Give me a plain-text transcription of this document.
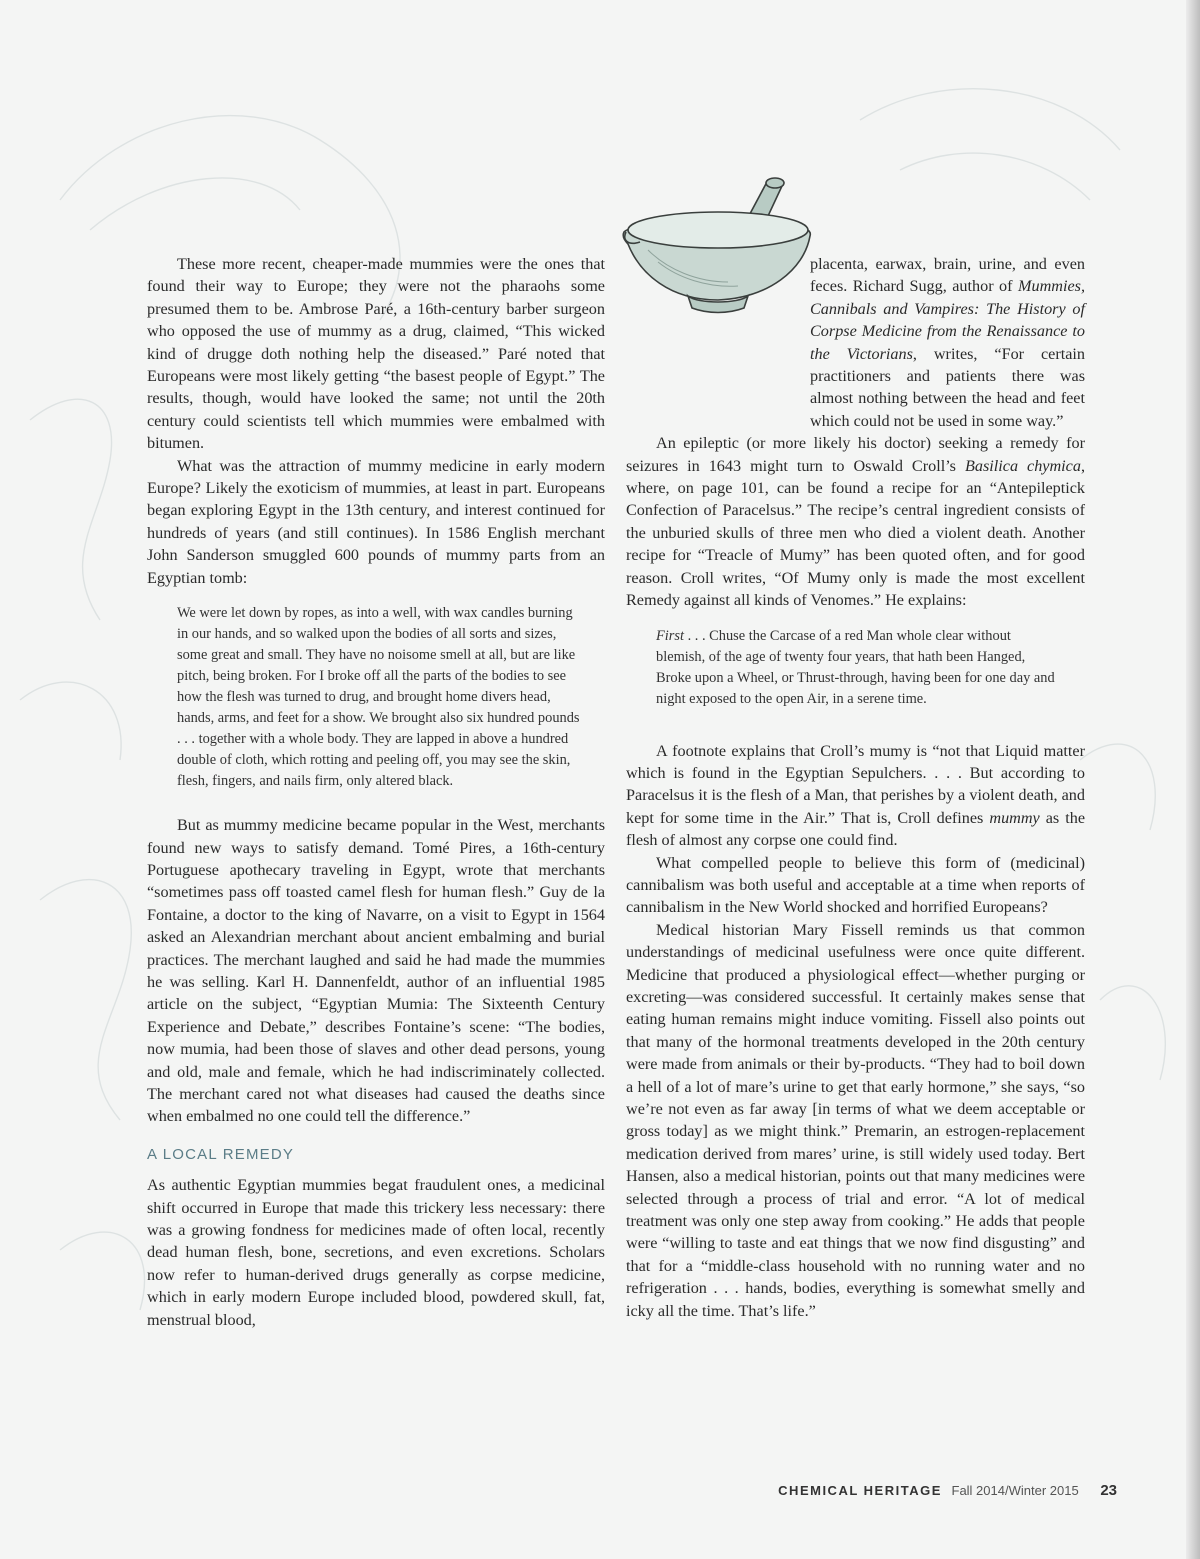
These more recent, cheaper-made mummies were the ones that found their way to Europe; they were not the pharaohs some presumed them to be. Ambrose Paré, a 16th-century barber surgeon who opposed the use of mummy as a drug, claimed, “This wicked kind of drugge doth nothing help the diseased.” Paré noted that Europeans were most likely getting “the basest people of Egypt.” The results, though, would have looked the same; not until the 20th century could scientists tell which mummies were embalmed with bitumen.

What was the attraction of mummy medicine in early modern Europe? Likely the exoticism of mummies, at least in part. Europeans began exploring Egypt in the 13th century, and interest continued for hundreds of years (and still continues). In 1586 English merchant John Sanderson smuggled 600 pounds of mummy parts from an Egyptian tomb:

We were let down by ropes, as into a well, with wax candles burning in our hands, and so walked upon the bodies of all sorts and sizes, some great and small. They have no noisome smell at all, but are like pitch, being broken. For I broke off all the parts of the bodies to see how the flesh was turned to drug, and brought home divers head, hands, arms, and feet for a show. We brought also six hundred pounds . . . together with a whole body. They are lapped in above a hundred double of cloth, which rotting and peeling off, you may see the skin, flesh, fingers, and nails firm, only altered black.

But as mummy medicine became popular in the West, merchants found new ways to satisfy demand. Tomé Pires, a 16th-century Portuguese apothecary traveling in Egypt, wrote that merchants “sometimes pass off toasted camel flesh for human flesh.” Guy de la Fontaine, a doctor to the king of Navarre, on a visit to Egypt in 1564 asked an Alexandrian merchant about ancient embalming and burial practices. The merchant laughed and said he had made the mummies he was selling. Karl H. Dannenfeldt, author of an influential 1985 article on the subject, “Egyptian Mumia: The Sixteenth Century Experience and Debate,” describes Fontaine’s scene: “The bodies, now mumia, had been those of slaves and other dead persons, young and old, male and female, which he had indiscriminately collected. The merchant cared not what diseases had caused the deaths since when embalmed no one could tell the difference.”

A LOCAL REMEDY

As authentic Egyptian mummies begat fraudulent ones, a medicinal shift occurred in Europe that made this trickery less necessary: there was a growing fondness for medicines made of often local, recently dead human flesh, bone, secretions, and even excretions. Scholars now refer to human-derived drugs generally as corpse medicine, which in early modern Europe included blood, powdered skull, fat, menstrual blood,

placenta, earwax, brain, urine, and even feces. Richard Sugg, author of Mummies, Cannibals and Vampires: The History of Corpse Medicine from the Renaissance to the Victorians, writes, “For certain practitioners and patients there was almost nothing between the head and feet which could not be used in some way.”

An epileptic (or more likely his doctor) seeking a remedy for seizures in 1643 might turn to Oswald Croll’s Basilica chymica, where, on page 101, can be found a recipe for an “Antepileptick Confection of Paracelsus.” The recipe’s central ingredient consists of the unburied skulls of three men who died a violent death. Another recipe for “Treacle of Mumy” has been quoted often, and for good reason. Croll writes, “Of Mumy only is made the most excellent Remedy against all kinds of Venomes.” He explains:

First . . . Chuse the Carcase of a red Man whole clear without blemish, of the age of twenty four years, that hath been Hanged, Broke upon a Wheel, or Thrust-through, having been for one day and night exposed to the open Air, in a serene time.

A footnote explains that Croll’s mumy is “not that Liquid matter which is found in the Egyptian Sepulchers. . . . But according to Paracelsus it is the flesh of a Man, that perishes by a violent death, and kept for some time in the Air.” That is, Croll defines mummy as the flesh of almost any corpse one could find.

What compelled people to believe this form of (medicinal) cannibalism was both useful and acceptable at a time when reports of cannibalism in the New World shocked and horrified Europeans?

Medical historian Mary Fissell reminds us that common understandings of medicinal usefulness were once quite different. Medicine that produced a physiological effect—whether purging or excreting—was considered successful. It certainly makes sense that eating human remains might induce vomiting. Fissell also points out that many of the hormonal treatments developed in the 20th century were made from animals or their by-products. “They had to boil down a hell of a lot of mare’s urine to get that early hormone,” she says, “so we’re not even as far away [in terms of what we deem acceptable or gross today] as we might think.” Premarin, an estrogen-replacement medication derived from mares’ urine, is still widely used today. Bert Hansen, also a medical historian, points out that many medicines were selected through a process of trial and error. “A lot of medical treatment was only one step away from cooking.” He adds that people were “willing to taste and eat things that we now find disgusting” and that for a “middle-class household with no running water and no refrigeration . . . hands, bodies, everything is somewhat smelly and icky all the time. That’s life.”

CHEMICAL HERITAGE Fall 2014/Winter 2015 23
